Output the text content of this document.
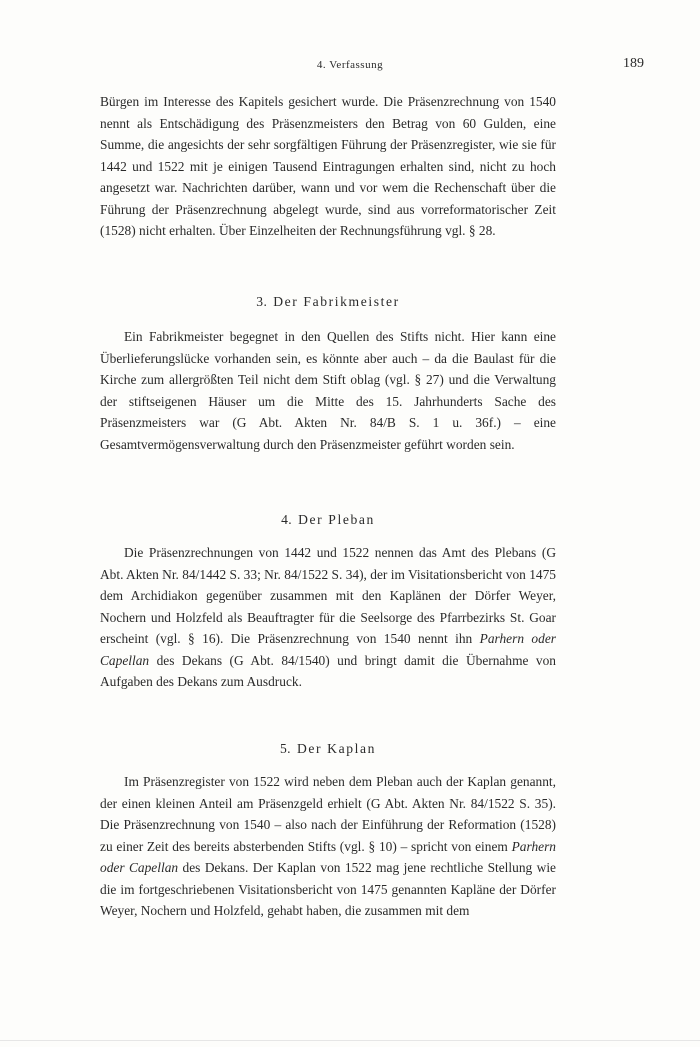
4. Verfassung	189

Bürgen im Interesse des Kapitels gesichert wurde. Die Präsenzrechnung von 1540 nennt als Entschädigung des Präsenzmeisters den Betrag von 60 Gulden, eine Summe, die angesichts der sehr sorgfältigen Führung der Präsenzregister, wie sie für 1442 und 1522 mit je einigen Tausend Eintragungen erhalten sind, nicht zu hoch angesetzt war. Nachrichten darüber, wann und vor wem die Rechenschaft über die Führung der Präsenzrechnung abgelegt wurde, sind aus vorreformatorischer Zeit (1528) nicht erhalten. Über Einzelheiten der Rechnungsführung vgl. § 28.

3. Der Fabrikmeister

Ein Fabrikmeister begegnet in den Quellen des Stifts nicht. Hier kann eine Überlieferungslücke vorhanden sein, es könnte aber auch – da die Baulast für die Kirche zum allergrößten Teil nicht dem Stift oblag (vgl. § 27) und die Verwaltung der stiftseigenen Häuser um die Mitte des 15. Jahrhunderts Sache des Präsenzmeisters war (G Abt. Akten Nr. 84/B S. 1 u. 36f.) – eine Gesamtvermögensverwaltung durch den Präsenzmeister geführt worden sein.

4. Der Pleban

Die Präsenzrechnungen von 1442 und 1522 nennen das Amt des Plebans (G Abt. Akten Nr. 84/1442 S. 33; Nr. 84/1522 S. 34), der im Visitationsbericht von 1475 dem Archidiakon gegenüber zusammen mit den Kaplänen der Dörfer Weyer, Nochern und Holzfeld als Beauftragter für die Seelsorge des Pfarrbezirks St. Goar erscheint (vgl. § 16). Die Präsenzrechnung von 1540 nennt ihn Parhern oder Capellan des Dekans (G Abt. 84/1540) und bringt damit die Übernahme von Aufgaben des Dekans zum Ausdruck.

5. Der Kaplan

Im Präsenzregister von 1522 wird neben dem Pleban auch der Kaplan genannt, der einen kleinen Anteil am Präsenzgeld erhielt (G Abt. Akten Nr. 84/1522 S. 35). Die Präsenzrechnung von 1540 – also nach der Einführung der Reformation (1528) zu einer Zeit des bereits absterbenden Stifts (vgl. § 10) – spricht von einem Parhern oder Capellan des Dekans. Der Kaplan von 1522 mag jene rechtliche Stellung wie die im fortgeschriebenen Visitationsbericht von 1475 genannten Kapläne der Dörfer Weyer, Nochern und Holzfeld, gehabt haben, die zusammen mit dem
